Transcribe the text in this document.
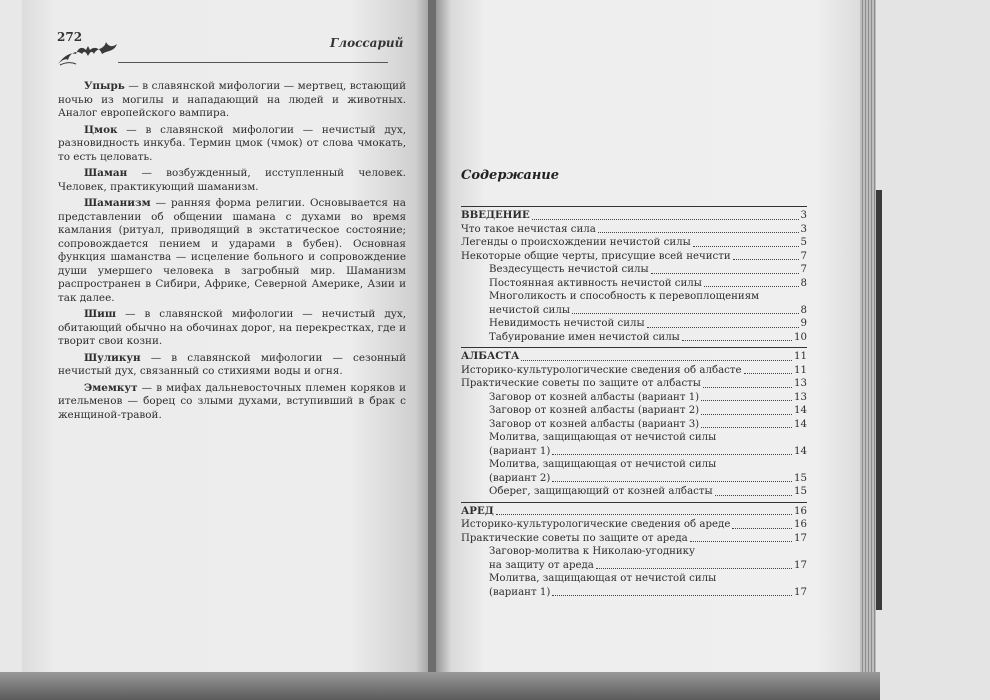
272	Глоссарий

Упырь — в славянской мифологии — мертвец, встающий ночью из могилы и нападающий на людей и животных. Аналог европейского вампира.

Цмок — в славянской мифологии — нечистый дух, разновидность инкуба. Термин цмок (чмок) от слова чмокать, то есть целовать.

Шаман — возбужденный, исступленный человек. Человек, практикующий шаманизм.

Шаманизм — ранняя форма религии. Основывается на представлении об общении шамана с духами во время камлания (ритуал, приводящий в экстатическое состояние; сопровождается пением и ударами в бубен). Основная функция шаманства — исцеление больного и сопровождение души умершего человека в загробный мир. Шаманизм распространен в Сибири, Африке, Северной Америке, Азии и так далее.

Шиш — в славянской мифологии — нечистый дух, обитающий обычно на обочинах дорог, на перекрестках, где и творит свои козни.

Шуликун — в славянской мифологии — сезонный нечистый дух, связанный со стихиями воды и огня.

Эмемкут — в мифах дальневосточных племен коряков и ительменов — борец со злыми духами, вступивший в брак с женщиной-травой.

Содержание
ВВЕДЕНИЕ	3
Что такое нечистая сила	3
Легенды о происхождении нечистой силы	5
Некоторые общие черты, присущие всей нечисти	7
Вездесущесть нечистой силы	7
Постоянная активность нечистой силы	8
Многоликость и способность к перевоплощениям
нечистой силы	8
Невидимость нечистой силы	9
Табуирование имен нечистой силы	10
АЛБАСТА	11
Историко-культурологические сведения об албасте	11
Практические советы по защите от албасты	13
Заговор от козней албасты (вариант 1)	13
Заговор от козней албасты (вариант 2)	14
Заговор от козней албасты (вариант 3)	14
Молитва, защищающая от нечистой силы
(вариант 1)	14
Молитва, защищающая от нечистой силы
(вариант 2)	15
Оберег, защищающий от козней албасты	15
АРЕД	16
Историко-культурологические сведения об ареде	16
Практические советы по защите от ареда	17
Заговор-молитва к Николаю-угоднику
на защиту от ареда	17
Молитва, защищающая от нечистой силы
(вариант 1)	17
